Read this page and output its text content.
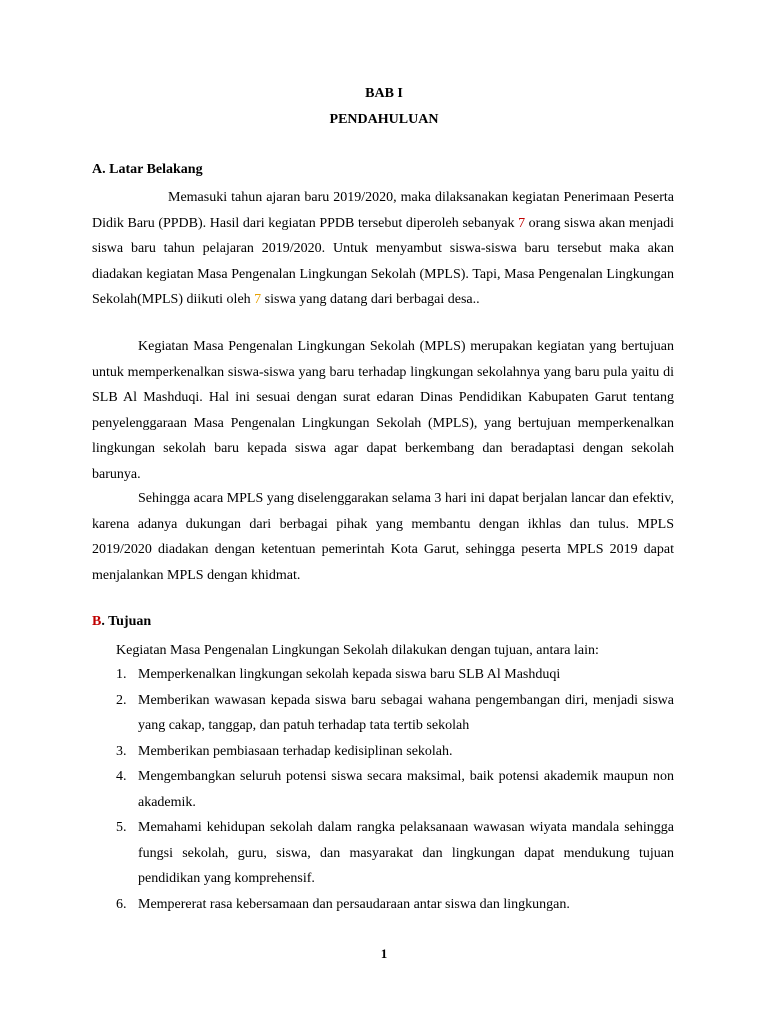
BAB I
PENDAHULUAN
A. Latar Belakang

Memasuki tahun ajaran baru 2019/2020, maka dilaksanakan kegiatan Penerimaan Peserta Didik Baru (PPDB). Hasil dari kegiatan PPDB tersebut diperoleh sebanyak 7 orang siswa akan menjadi siswa baru tahun pelajaran 2019/2020. Untuk menyambut siswa-siswa baru tersebut maka akan diadakan kegiatan Masa Pengenalan Lingkungan Sekolah (MPLS). Tapi, Masa Pengenalan Lingkungan Sekolah(MPLS) diikuti oleh 7 siswa yang datang dari berbagai desa..

Kegiatan Masa Pengenalan Lingkungan Sekolah (MPLS) merupakan kegiatan yang bertujuan untuk memperkenalkan siswa-siswa yang baru terhadap lingkungan sekolahnya yang baru pula yaitu di SLB Al Mashduqi. Hal ini sesuai dengan surat edaran Dinas Pendidikan Kabupaten Garut tentang penyelenggaraan Masa Pengenalan Lingkungan Sekolah (MPLS), yang bertujuan memperkenalkan lingkungan sekolah baru kepada siswa agar dapat berkembang dan beradaptasi dengan sekolah barunya.

Sehingga acara MPLS yang diselenggarakan selama 3 hari ini dapat berjalan lancar dan efektiv, karena adanya dukungan dari berbagai pihak yang membantu dengan ikhlas dan tulus. MPLS 2019/2020 diadakan dengan ketentuan pemerintah Kota Garut, sehingga peserta MPLS 2019 dapat menjalankan MPLS dengan khidmat.

B. Tujuan
Kegiatan Masa Pengenalan Lingkungan Sekolah dilakukan dengan tujuan, antara lain:
1. Memperkenalkan lingkungan sekolah kepada siswa baru SLB Al Mashduqi
2. Memberikan wawasan kepada siswa baru sebagai wahana pengembangan diri, menjadi siswa yang cakap, tanggap, dan patuh terhadap tata tertib sekolah
3. Memberikan pembiasaan terhadap kedisiplinan sekolah.
4. Mengembangkan seluruh potensi siswa secara maksimal, baik potensi akademik maupun non akademik.
5. Memahami kehidupan sekolah dalam rangka pelaksanaan wawasan wiyata mandala sehingga fungsi sekolah, guru, siswa, dan masyarakat dan lingkungan dapat mendukung tujuan pendidikan yang komprehensif.
6. Mempererat rasa kebersamaan dan persaudaraan antar siswa dan lingkungan.
1
